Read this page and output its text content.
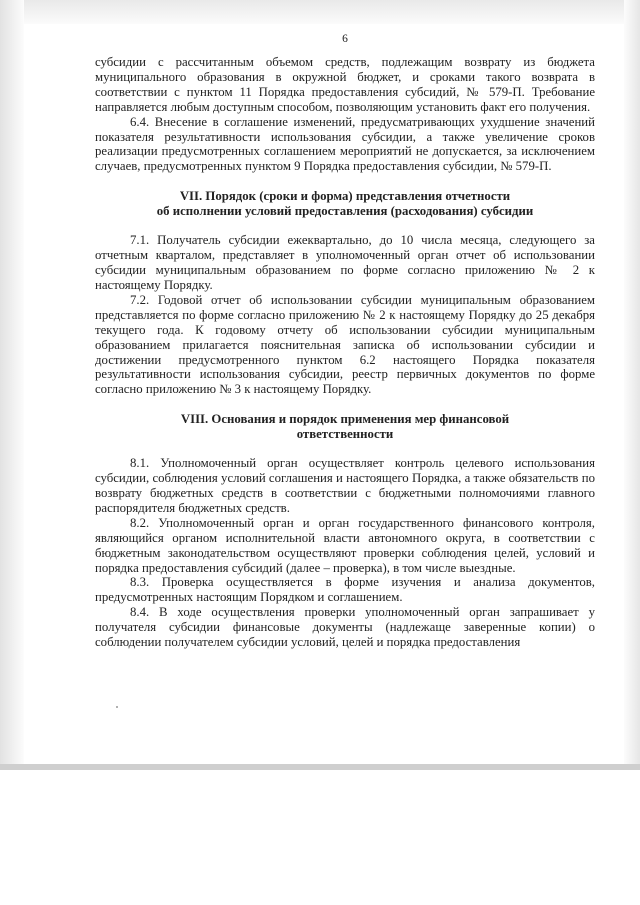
6

субсидии с рассчитанным объемом средств, подлежащим возврату из бюджета муниципального образования в окружной бюджет, и сроками такого возврата в соответствии с пунктом 11 Порядка предоставления субсидий, № 579-П. Требование направляется любым доступным способом, позволяющим установить факт его получения.

6.4. Внесение в соглашение изменений, предусматривающих ухудшение значений показателя результативности использования субсидии, а также увеличение сроков реализации предусмотренных соглашением мероприятий не допускается, за исключением случаев, предусмотренных пунктом 9 Порядка предоставления субсидии, № 579-П.

VII. Порядок (сроки и форма) представления отчетности
об исполнении условий предоставления (расходования) субсидии

7.1. Получатель субсидии ежеквартально, до 10 числа месяца, следующего за отчетным кварталом, представляет в уполномоченный орган отчет об использовании субсидии муниципальным образованием по форме согласно приложению № 2 к настоящему Порядку.

7.2. Годовой отчет об использовании субсидии муниципальным образованием представляется по форме согласно приложению № 2 к настоящему Порядку до 25 декабря текущего года. К годовому отчету об использовании субсидии муниципальным образованием прилагается пояснительная записка об использовании субсидии и достижении предусмотренного пунктом 6.2 настоящего Порядка показателя результативности использования субсидии, реестр первичных документов по форме согласно приложению № 3 к настоящему Порядку.

VIII. Основания и порядок применения мер финансовой
ответственности

8.1. Уполномоченный орган осуществляет контроль целевого использования субсидии, соблюдения условий соглашения и настоящего Порядка, а также обязательств по возврату бюджетных средств в соответствии с бюджетными полномочиями главного распорядителя бюджетных средств.

8.2. Уполномоченный орган и орган государственного финансового контроля, являющийся органом исполнительной власти автономного округа, в соответствии с бюджетным законодательством осуществляют проверки соблюдения целей, условий и порядка предоставления субсидий (далее – проверка), в том числе выездные.

8.3. Проверка осуществляется в форме изучения и анализа документов, предусмотренных настоящим Порядком и соглашением.

8.4. В ходе осуществления проверки уполномоченный орган запрашивает у получателя субсидии финансовые документы (надлежаще заверенные копии) о соблюдении получателем субсидии условий, целей и порядка предоставления
